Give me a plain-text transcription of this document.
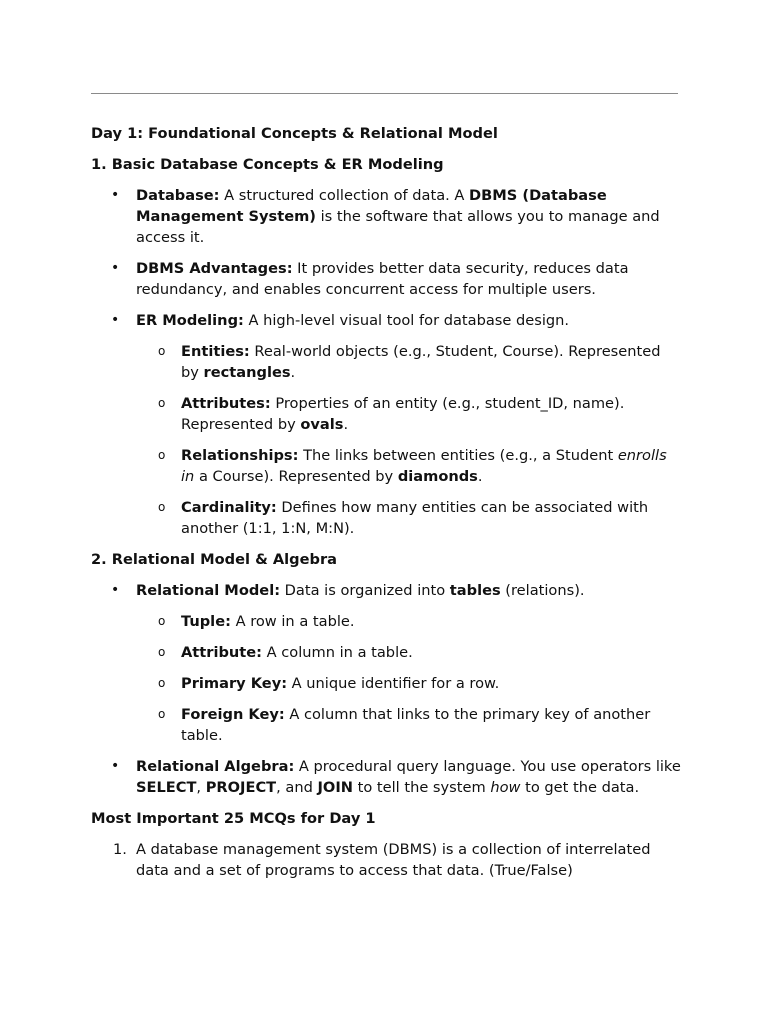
Day 1: Foundational Concepts & Relational Model
1. Basic Database Concepts & ER Modeling
• Database: A structured collection of data. A DBMS (Database Management System) is the software that allows you to manage and access it.
• DBMS Advantages: It provides better data security, reduces data redundancy, and enables concurrent access for multiple users.
• ER Modeling: A high-level visual tool for database design.
o Entities: Real-world objects (e.g., Student, Course). Represented by rectangles.
o Attributes: Properties of an entity (e.g., student_ID, name). Represented by ovals.
o Relationships: The links between entities (e.g., a Student enrolls in a Course). Represented by diamonds.
o Cardinality: Defines how many entities can be associated with another (1:1, 1:N, M:N).
2. Relational Model & Algebra
• Relational Model: Data is organized into tables (relations).
o Tuple: A row in a table.
o Attribute: A column in a table.
o Primary Key: A unique identifier for a row.
o Foreign Key: A column that links to the primary key of another table.
• Relational Algebra: A procedural query language. You use operators like SELECT, PROJECT, and JOIN to tell the system how to get the data.
Most Important 25 MCQs for Day 1
1. A database management system (DBMS) is a collection of interrelated data and a set of programs to access that data. (True/False)
